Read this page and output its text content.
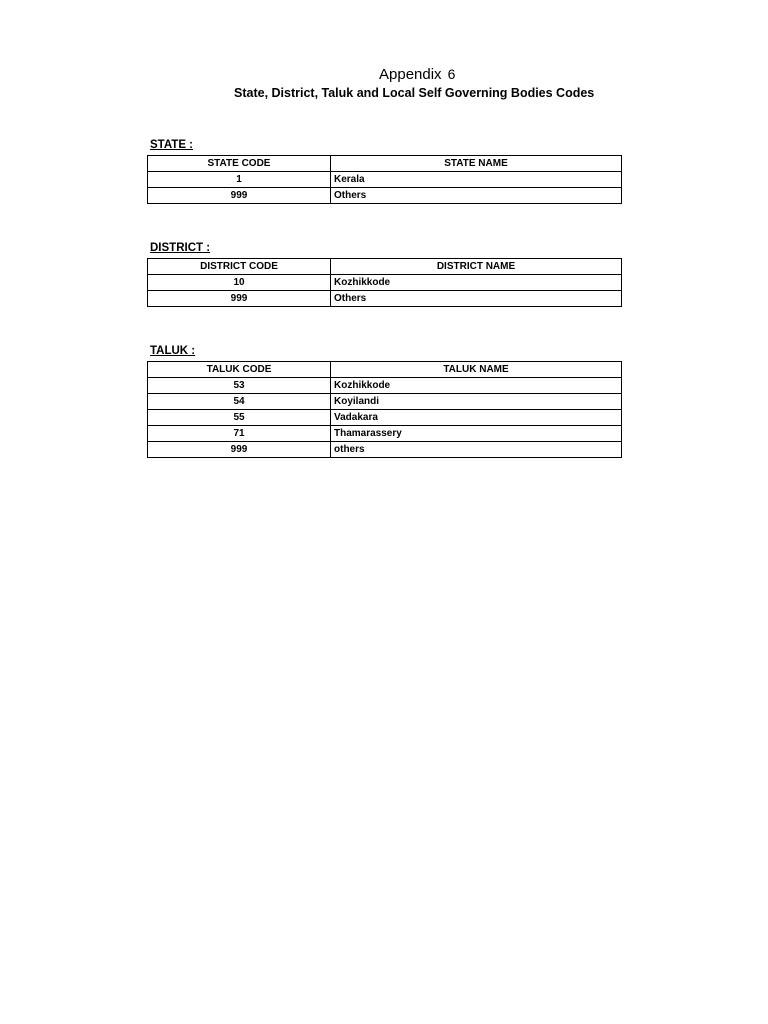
Appendix 6
State, District, Taluk and Local Self Governing Bodies Codes
STATE :
STATE CODE	STATE NAME
1	Kerala
999	Others
DISTRICT :
DISTRICT CODE	DISTRICT NAME
10	Kozhikkode
999	Others
TALUK :
TALUK CODE	TALUK NAME
53	Kozhikkode
54	Koyilandi
55	Vadakara
71	Thamarassery
999	others
